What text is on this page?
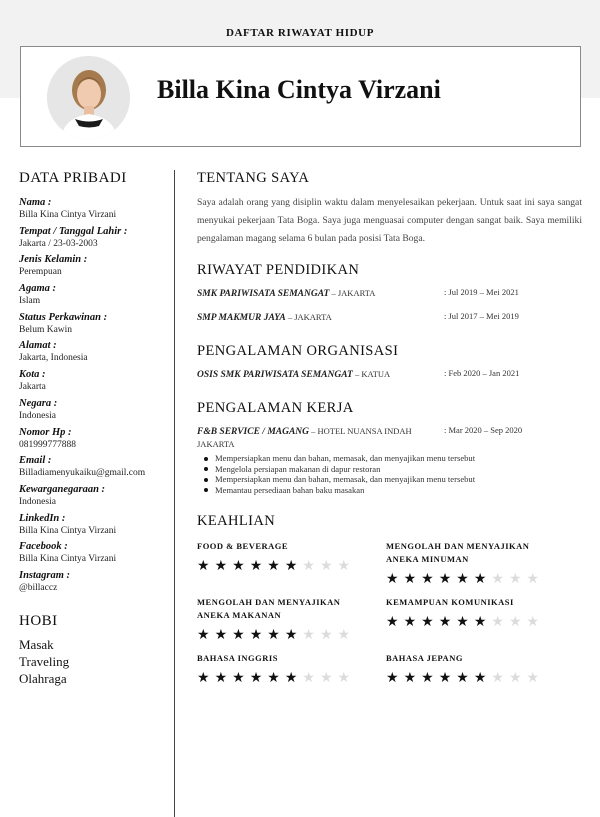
DAFTAR RIWAYAT HIDUP
Billa Kina Cintya Virzani
DATA PRIBADI
Nama :
Billa Kina Cintya Virzani
Tempat / Tanggal Lahir :
Jakarta / 23-03-2003
Jenis Kelamin :
Perempuan
Agama :
Islam
Status Perkawinan :
Belum Kawin
Alamat :
Jakarta, Indonesia
Kota :
Jakarta
Negara :
Indonesia
Nomor Hp :
081999777888
Email :
Billadiamenyukaiku@gmail.com
Kewarganegaraan :
Indonesia
LinkedIn :
Billa Kina Cintya Virzani
Facebook :
Billa Kina Cintya Virzani
Instagram :
@billaccz
HOBI
Masak
Traveling
Olahraga
TENTANG SAYA
Saya adalah orang yang disiplin waktu dalam menyelesaikan pekerjaan. Untuk saat ini saya sangat menyukai pekerjaan Tata Boga. Saya juga menguasai computer dengan sangat baik. Saya memiliki pengalaman magang selama 6 bulan pada posisi Tata Boga.
RIWAYAT PENDIDIKAN
SMK PARIWISATA SEMANGAT – JAKARTA	: Jul 2019 – Mei 2021
SMP MAKMUR JAYA – JAKARTA	: Jul 2017 – Mei 2019
PENGALAMAN ORGANISASI
OSIS SMK PARIWISATA SEMANGAT – KATUA	: Feb 2020 – Jan 2021
PENGALAMAN KERJA
F&B SERVICE / MAGANG – HOTEL NUANSA INDAH JAKARTA
: Mar 2020 – Sep 2020
Mempersiapkan menu dan bahan, memasak, dan menyajikan menu tersebut
Mengelola persiapan makanan di dapur restoran
Mempersiapkan menu dan bahan, memasak, dan menyajikan menu tersebut
Memantau persediaan bahan baku masakan
KEAHLIAN
FOOD & BEVERAGE
★★★★★★★★★
MENGOLAH DAN MENYAJIKAN ANEKA MINUMAN
★★★★★★★★★
MENGOLAH DAN MENYAJIKAN ANEKA MAKANAN
★★★★★★★★★
KEMAMPUAN KOMUNIKASI
★★★★★★★★★
BAHASA INGGRIS
★★★★★★★★★
BAHASA JEPANG
★★★★★★★★★
